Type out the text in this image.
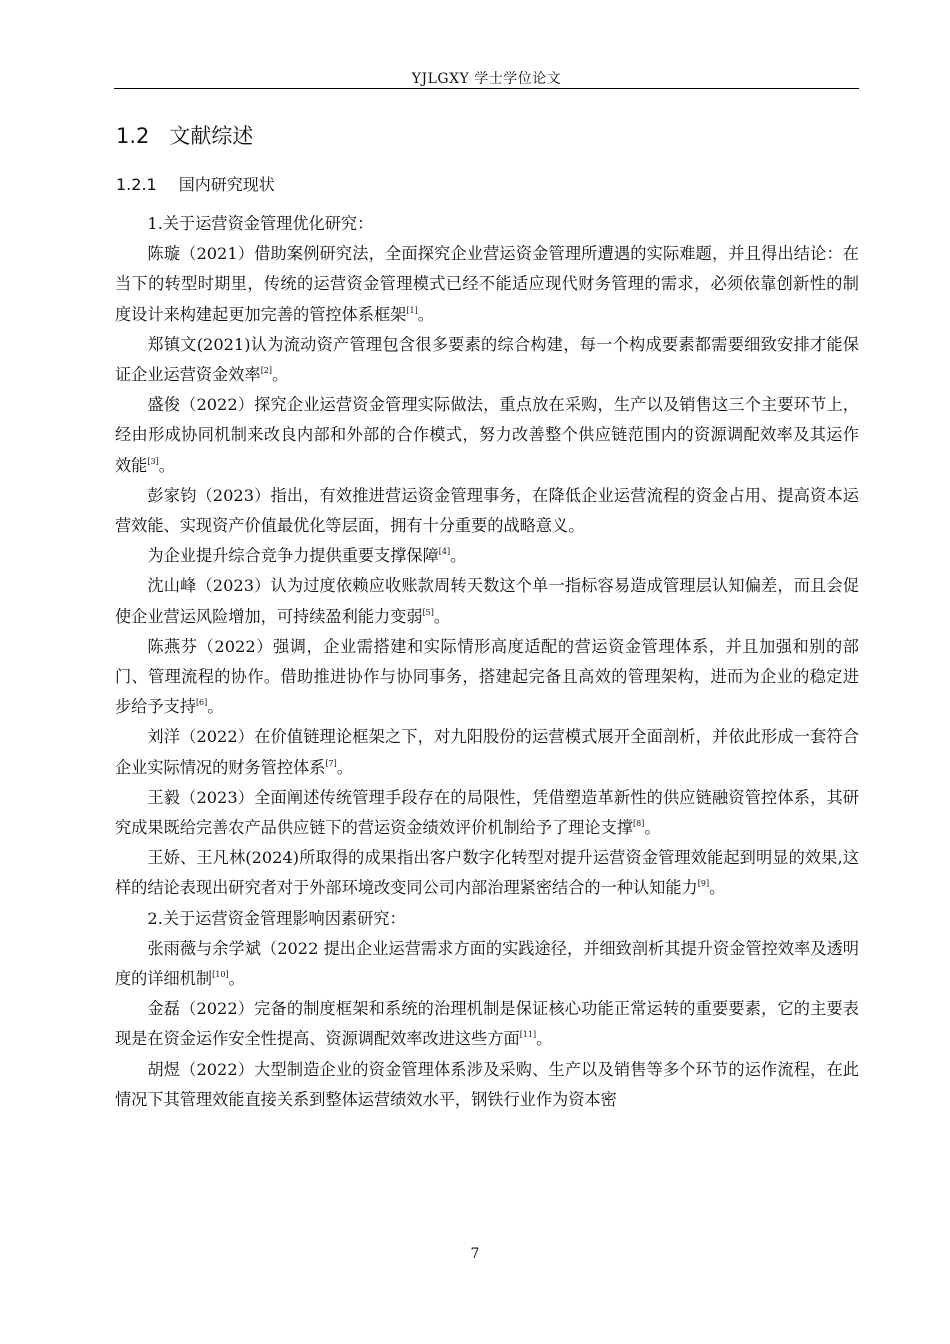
YJLGXY 学士学位论文
1.2 文献综述
1.2.1 国内研究现状

1.关于运营资金管理优化研究：

陈璇（2021）借助案例研究法，全面探究企业营运资金管理所遭遇的实际难题，并且得出结论：在当下的转型时期里，传统的运营资金管理模式已经不能适应现代财务管理的需求，必须依靠创新性的制度设计来构建起更加完善的管控体系框架[1]。

郑镇文(2021)认为流动资产管理包含很多要素的综合构建，每一个构成要素都需要细致安排才能保证企业运营资金效率[2]。

盛俊（2022）探究企业运营资金管理实际做法，重点放在采购，生产以及销售这三个主要环节上，经由形成协同机制来改良内部和外部的合作模式，努力改善整个供应链范围内的资源调配效率及其运作效能[3]。

彭家钧（2023）指出，有效推进营运资金管理事务，在降低企业运营流程的资金占用、提高资本运营效能、实现资产价值最优化等层面，拥有十分重要的战略意义。

为企业提升综合竞争力提供重要支撑保障[4]。

沈山峰（2023）认为过度依赖应收账款周转天数这个单一指标容易造成管理层认知偏差，而且会促使企业营运风险增加，可持续盈利能力变弱[5]。

陈燕芬（2022）强调，企业需搭建和实际情形高度适配的营运资金管理体系，并且加强和别的部门、管理流程的协作。借助推进协作与协同事务，搭建起完备且高效的管理架构，进而为企业的稳定进步给予支持[6]。

刘洋（2022）在价值链理论框架之下，对九阳股份的运营模式展开全面剖析，并依此形成一套符合企业实际情况的财务管控体系[7]。

王毅（2023）全面阐述传统管理手段存在的局限性，凭借塑造革新性的供应链融资管控体系，其研究成果既给完善农产品供应链下的营运资金绩效评价机制给予了理论支撑[8]。

王娇、王凡林(2024)所取得的成果指出客户数字化转型对提升运营资金管理效能起到明显的效果,这样的结论表现出研究者对于外部环境改变同公司内部治理紧密结合的一种认知能力[9]。

2.关于运营资金管理影响因素研究：

张雨薇与余学斌（2022 提出企业运营需求方面的实践途径，并细致剖析其提升资金管控效率及透明度的详细机制[10]。

金磊（2022）完备的制度框架和系统的治理机制是保证核心功能正常运转的重要要素，它的主要表现是在资金运作安全性提高、资源调配效率改进这些方面[11]。

胡煜（2022）大型制造企业的资金管理体系涉及采购、生产以及销售等多个环节的运作流程，在此情况下其管理效能直接关系到整体运营绩效水平，钢铁行业作为资本密

7
